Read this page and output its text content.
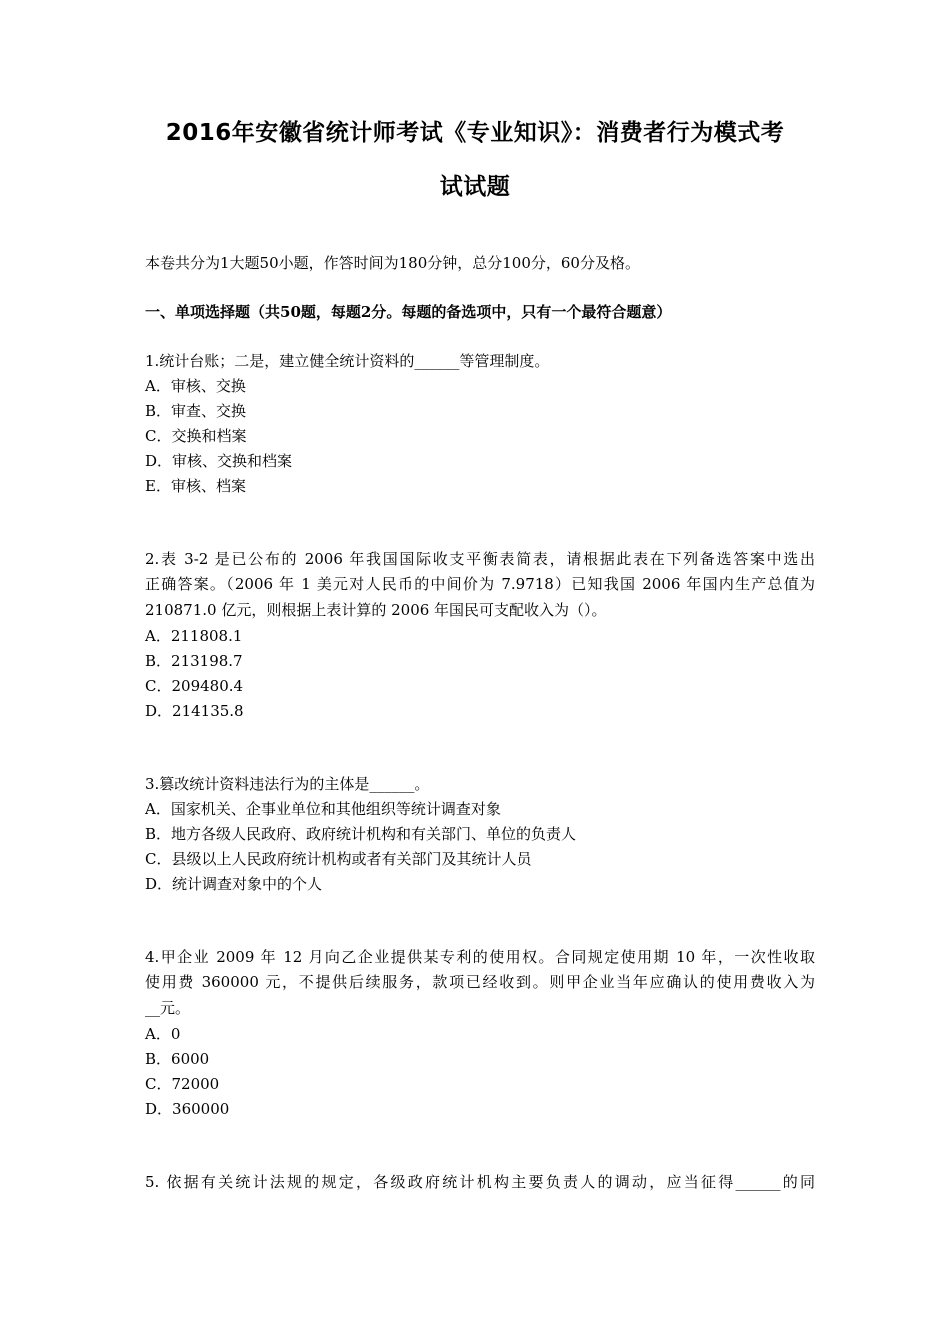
2016年安徽省统计师考试《专业知识》：消费者行为模式考
试试题
本卷共分为1大题50小题，作答时间为180分钟，总分100分，60分及格。
一、单项选择题（共50题，每题2分。每题的备选项中，只有一个最符合题意）
1.统计台账；二是，建立健全统计资料的______等管理制度。
A．审核、交换
B．审查、交换
C．交换和档案
D．审核、交换和档案
E．审核、档案
2.表 3-2 是已公布的 2006 年我国国际收支平衡表简表，请根据此表在下列备选答案中选出
正确答案。（2006 年 1 美元对人民币的中间价为 7.9718）已知我国 2006 年国内生产总值为
210871.0 亿元，则根据上表计算的 2006 年国民可支配收入为（）。
A．211808.1
B．213198.7
C．209480.4
D．214135.8
3.篡改统计资料违法行为的主体是______。
A．国家机关、企事业单位和其他组织等统计调查对象
B．地方各级人民政府、政府统计机构和有关部门、单位的负责人
C．县级以上人民政府统计机构或者有关部门及其统计人员
D．统计调查对象中的个人
4.甲企业 2009 年 12 月向乙企业提供某专利的使用权。合同规定使用期 10 年，一次性收取
使用费 360000 元，不提供后续服务，款项已经收到。则甲企业当年应确认的使用费收入为
__元。
A．0
B．6000
C．72000
D．360000
5. 依据有关统计法规的规定，各级政府统计机构主要负责人的调动，应当征得______的同
